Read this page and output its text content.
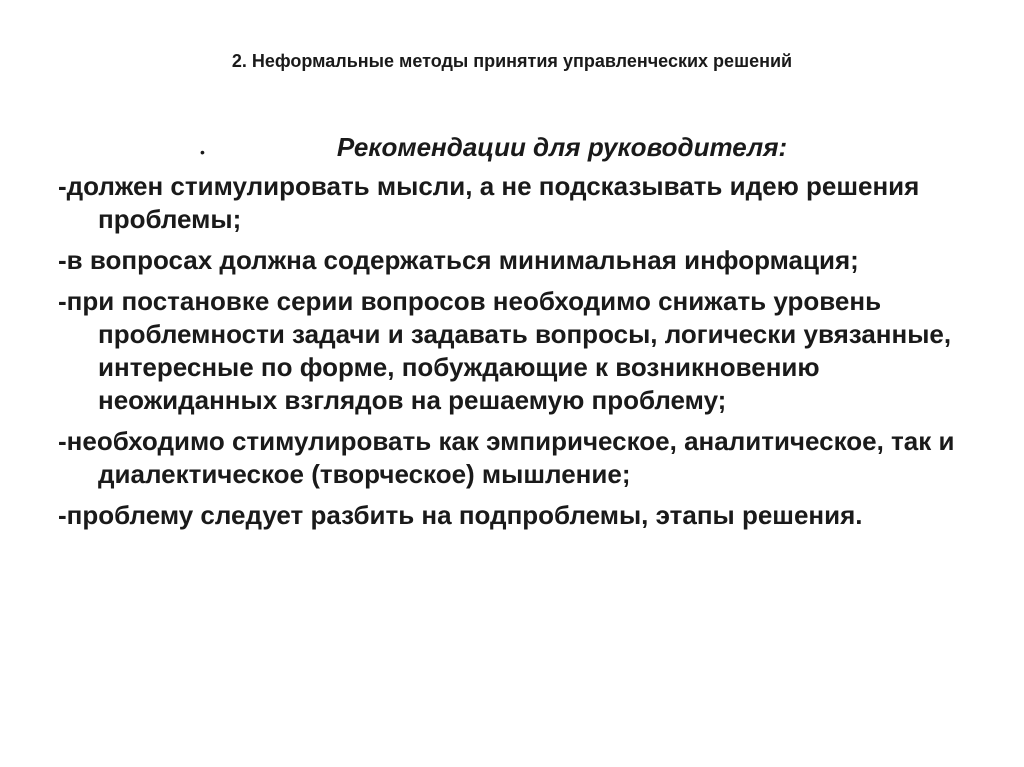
2. Неформальные методы принятия управленческих решений
•	Рекомендации для руководителя:
-должен стимулировать мысли, а не подсказывать идею решения проблемы;
-в вопросах должна содержаться минимальная информация;
-при постановке серии вопросов необходимо снижать уровень проблемности задачи и задавать вопросы, логически увязанные, интересные по форме, побуждающие к возникновению неожиданных взглядов на решаемую проблему;
-необходимо стимулировать как эмпирическое, аналитическое, так и диалектическое (творческое) мышление;
-проблему следует разбить на подпроблемы, этапы решения.
